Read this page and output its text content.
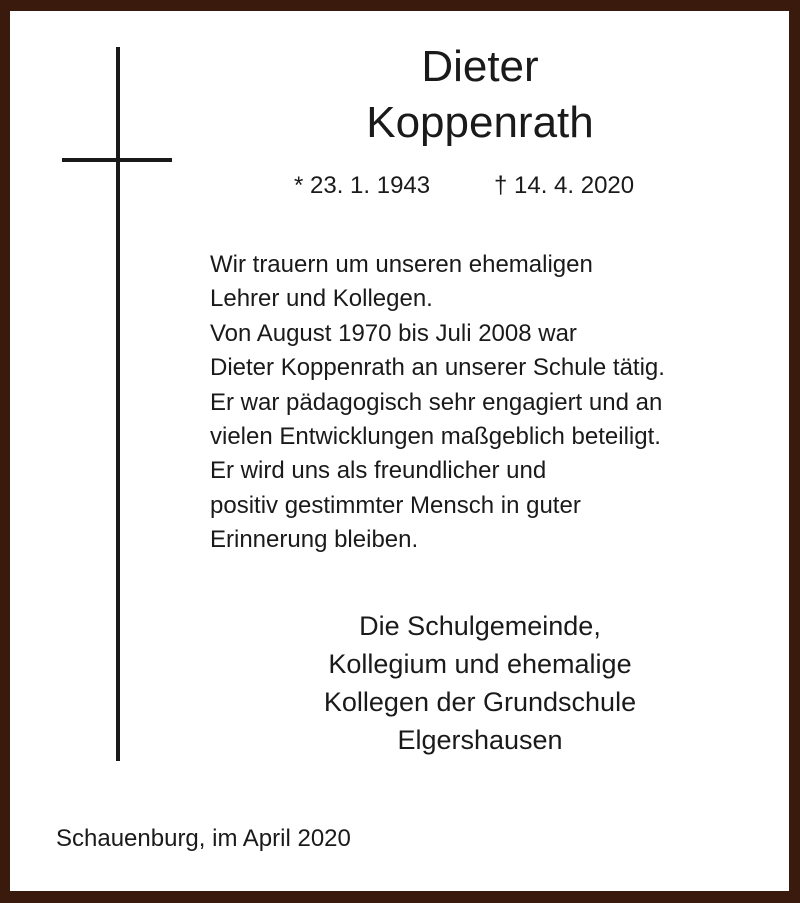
Dieter
Koppenrath
* 23. 1. 1943	† 14. 4. 2020
Wir trauern um unseren ehemaligen
Lehrer und Kollegen.
Von August 1970 bis Juli 2008 war
Dieter Koppenrath an unserer Schule tätig.
Er war pädagogisch sehr engagiert und an
vielen Entwicklungen maßgeblich beteiligt.
Er wird uns als freundlicher und
positiv gestimmter Mensch in guter
Erinnerung bleiben.
Die Schulgemeinde,
Kollegium und ehemalige
Kollegen der Grundschule
Elgershausen
Schauenburg, im April 2020
